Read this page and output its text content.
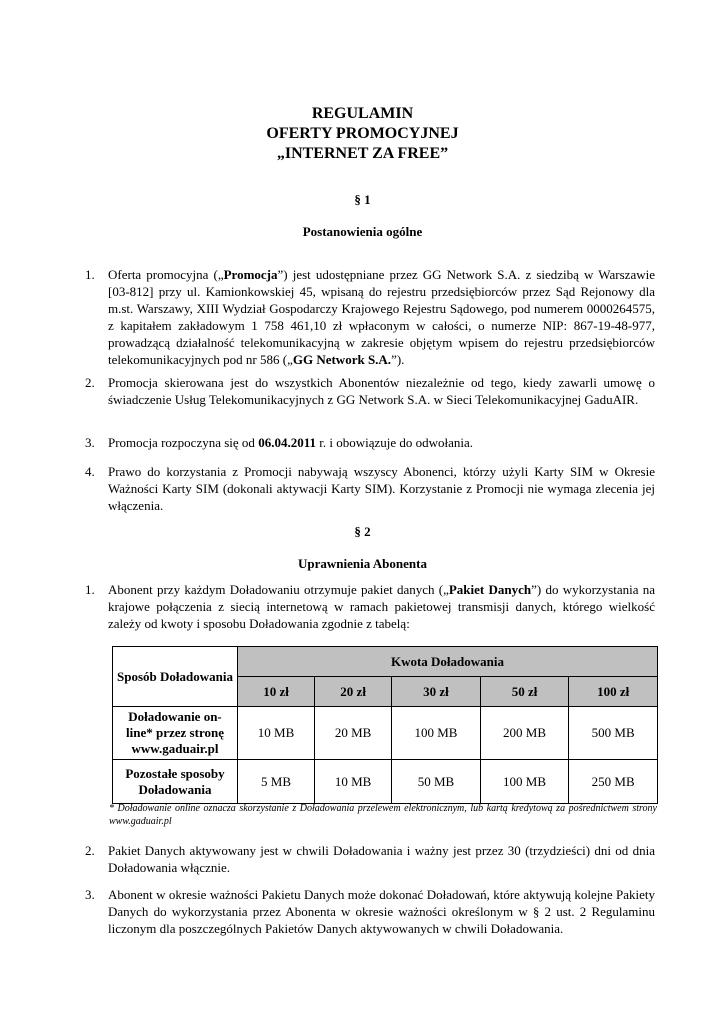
REGULAMIN
OFERTY PROMOCYJNEJ
„INTERNET ZA FREE”
§ 1
Postanowienia ogólne
1. Oferta promocyjna („Promocja”) jest udostępniane przez GG Network S.A. z siedzibą w Warszawie [03-812] przy ul. Kamionkowskiej 45, wpisaną do rejestru przedsiębiorców przez Sąd Rejonowy dla m.st. Warszawy, XIII Wydział Gospodarczy Krajowego Rejestru Sądowego, pod numerem 0000264575, z kapitałem zakładowym 1 758 461,10 zł wpłaconym w całości, o numerze NIP: 867-19-48-977, prowadzącą działalność telekomunikacyjną w zakresie objętym wpisem do rejestru przedsiębiorców telekomunikacyjnych pod nr 586 („GG Network S.A.”).
2. Promocja skierowana jest do wszystkich Abonentów niezależnie od tego, kiedy zawarli umowę o świadczenie Usług Telekomunikacyjnych z GG Network S.A. w Sieci Telekomunikacyjnej GaduAIR.
3. Promocja rozpoczyna się od 06.04.2011 r. i obowiązuje do odwołania.
4. Prawo do korzystania z Promocji nabywają wszyscy Abonenci, którzy użyli Karty SIM w Okresie Ważności Karty SIM (dokonali aktywacji Karty SIM). Korzystanie z Promocji nie wymaga zlecenia jej włączenia.
§ 2
Uprawnienia Abonenta
1. Abonent przy każdym Doładowaniu otrzymuje pakiet danych („Pakiet Danych”) do wykorzystania na krajowe połączenia z siecią internetową w ramach pakietowej transmisji danych, którego wielkość zależy od kwoty i sposobu Doładowania zgodnie z tabelą:
Sposób Doładowania	Kwota Doładowania				
	10 zł	20 zł	30 zł	50 zł	100 zł
Doładowanie on-line* przez stronę www.gaduair.pl	10 MB	20 MB	100 MB	200 MB	500 MB
Pozostałe sposoby Doładowania	5 MB	10 MB	50 MB	100 MB	250 MB
* Doładowanie online oznacza skorzystanie z Doładowania przelewem elektronicznym, lub kartą kredytową za pośrednictwem strony www.gaduair.pl
2. Pakiet Danych aktywowany jest w chwili Doładowania i ważny jest przez 30 (trzydzieści) dni od dnia Doładowania włącznie.
3. Abonent w okresie ważności Pakietu Danych może dokonać Doładowań, które aktywują kolejne Pakiety Danych do wykorzystania przez Abonenta w okresie ważności określonym w § 2 ust. 2 Regulaminu liczonym dla poszczególnych Pakietów Danych aktywowanych w chwili Doładowania.
